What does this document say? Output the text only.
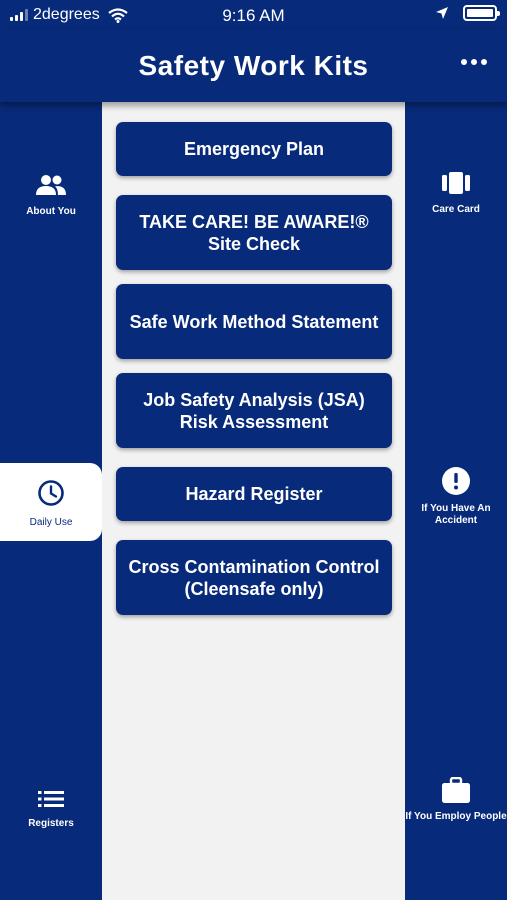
2degrees	9:16 AM
Safety Work Kits
About You
Daily Use
Registers
Emergency Plan
TAKE CARE! BE AWARE!® Site Check
Safe Work Method Statement
Job Safety Analysis (JSA) Risk Assessment
Hazard Register
Cross Contamination Control (Cleensafe only)
Care Card
If You Have An Accident
If You Employ People
